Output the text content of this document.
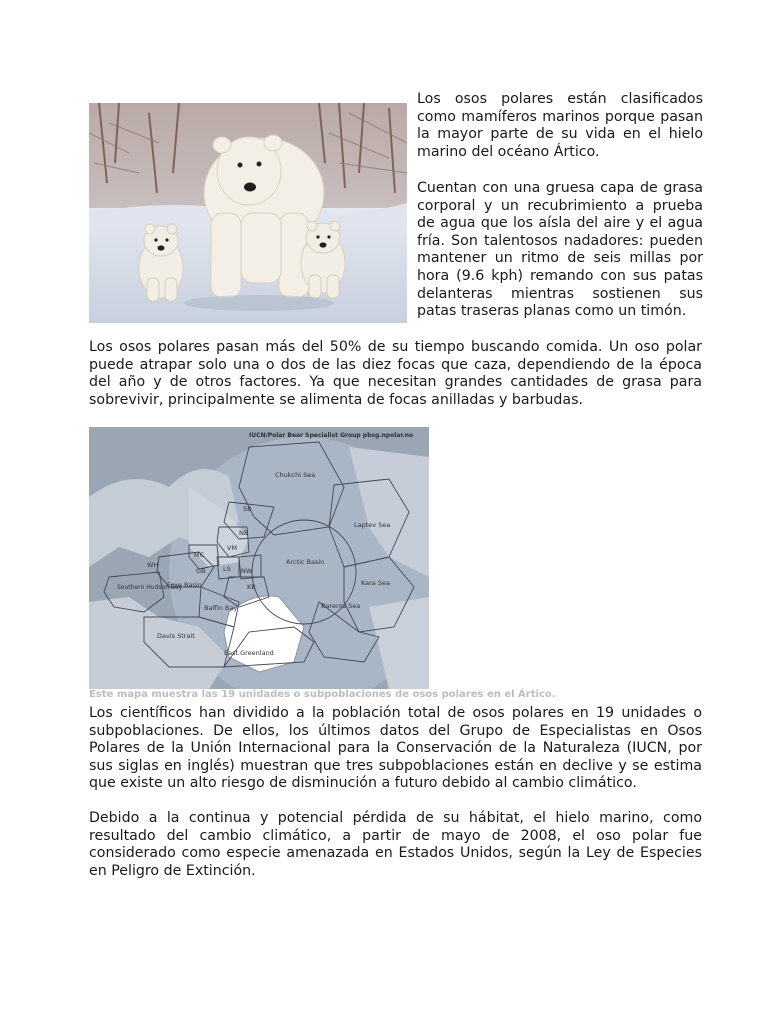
Los osos polares están clasificados como mamíferos marinos porque pasan la mayor parte de su vida en el hielo marino del océano Ártico.

Cuentan con una gruesa capa de grasa corporal y un recubrimiento a prueba de agua que los aísla del aire y el agua fría. Son talentosos nadadores: pueden mantener un ritmo de seis millas por hora (9.6 kph) remando con sus patas delanteras mientras sostienen sus patas traseras planas como un timón.

Los osos polares pasan más del 50% de su tiempo buscando comida. Un oso polar puede atrapar solo una o dos de las diez focas que caza, dependiendo de la época del año y de otros factores. Ya que necesitan grandes cantidades de grasa para sobrevivir, principalmente se alimenta de focas anilladas y barbudas.

IUCN/Polar Bear Specialist Group pbsg.npolar.no
Chukchi Sea
SB
Laptev Sea
NB
Arctic Basin
MC
VM
WH
GB	LS NW
Kara Sea
Southern Hudson Bay
Foxe Basin	KB
Baffin Bay	Barents Sea
Davis Strait
East Greenland
Este mapa muestra las 19 unidades o subpoblaciones de osos polares en el Ártico.

Los científicos han dividido a la población total de osos polares en 19 unidades o subpoblaciones. De ellos, los últimos datos del Grupo de Especialistas en Osos Polares de la Unión Internacional para la Conservación de la Naturaleza (IUCN, por sus siglas en inglés) muestran que tres subpoblaciones están en declive y se estima que existe un alto riesgo de disminución a futuro debido al cambio climático.

Debido a la continua y potencial pérdida de su hábitat, el hielo marino, como resultado del cambio climático, a partir de mayo de 2008, el oso polar fue considerado como especie amenazada en Estados Unidos, según la Ley de Especies en Peligro de Extinción.
